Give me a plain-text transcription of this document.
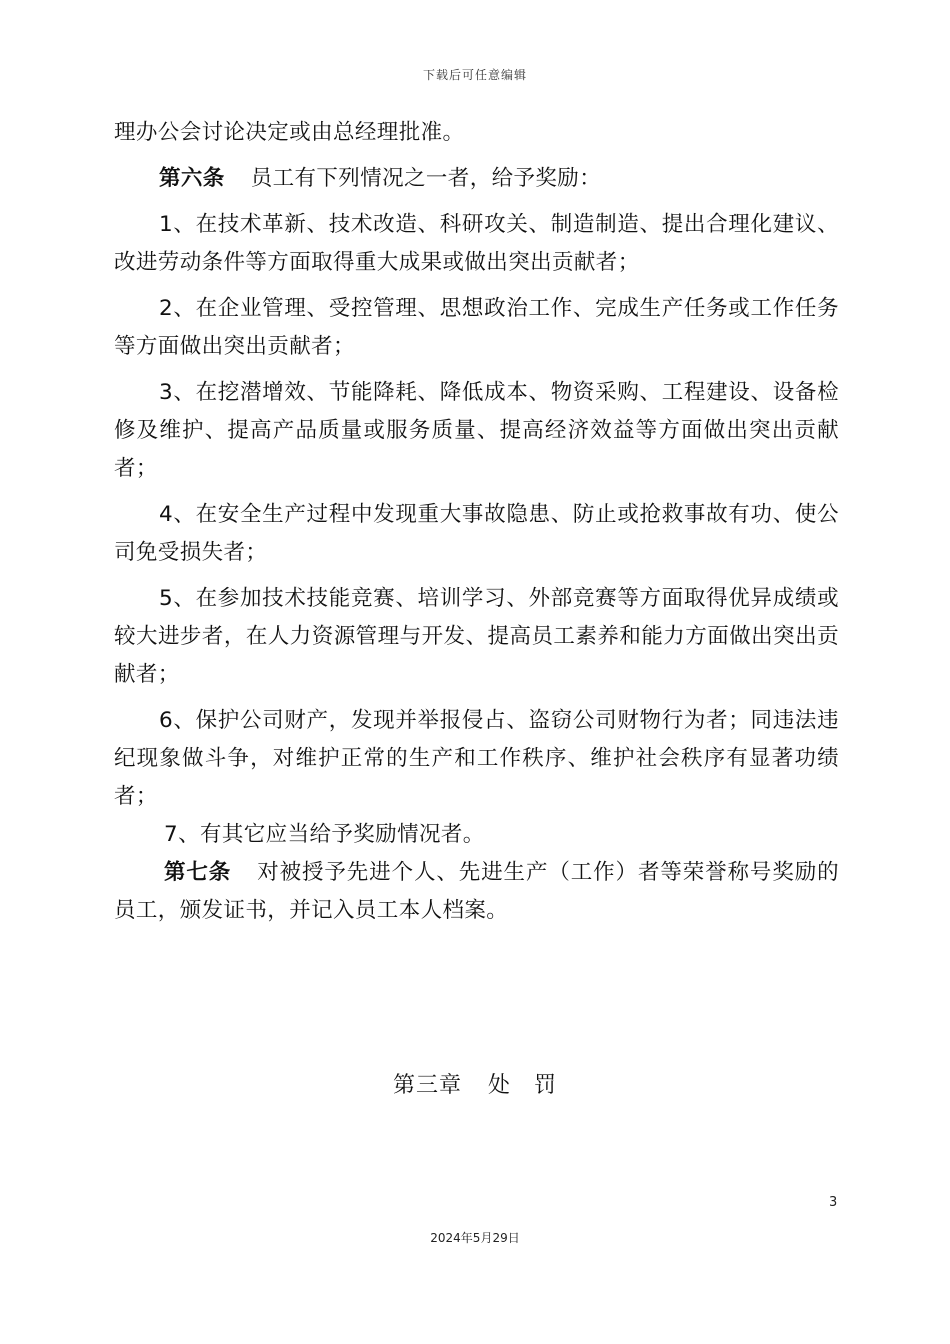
下载后可任意编辑

理办公会讨论决定或由总经理批准。

第六条 员工有下列情况之一者，给予奖励：

1、在技术革新、技术改造、科研攻关、制造制造、提出合理化建议、改进劳动条件等方面取得重大成果或做出突出贡献者；

2、在企业管理、受控管理、思想政治工作、完成生产任务或工作任务等方面做出突出贡献者；

3、在挖潜增效、节能降耗、降低成本、物资采购、工程建设、设备检修及维护、提高产品质量或服务质量、提高经济效益等方面做出突出贡献者；

4、在安全生产过程中发现重大事故隐患、防止或抢救事故有功、使公司免受损失者；

5、在参加技术技能竞赛、培训学习、外部竞赛等方面取得优异成绩或较大进步者，在人力资源管理与开发、提高员工素养和能力方面做出突出贡献者；

6、保护公司财产，发现并举报侵占、盗窃公司财物行为者；同违法违纪现象做斗争，对维护正常的生产和工作秩序、维护社会秩序有显著功绩者；

7、有其它应当给予奖励情况者。

第七条 对被授予先进个人、先进生产（工作）者等荣誉称号奖励的员工，颁发证书，并记入员工本人档案。

第三章 处　罚
3
2024年5月29日
